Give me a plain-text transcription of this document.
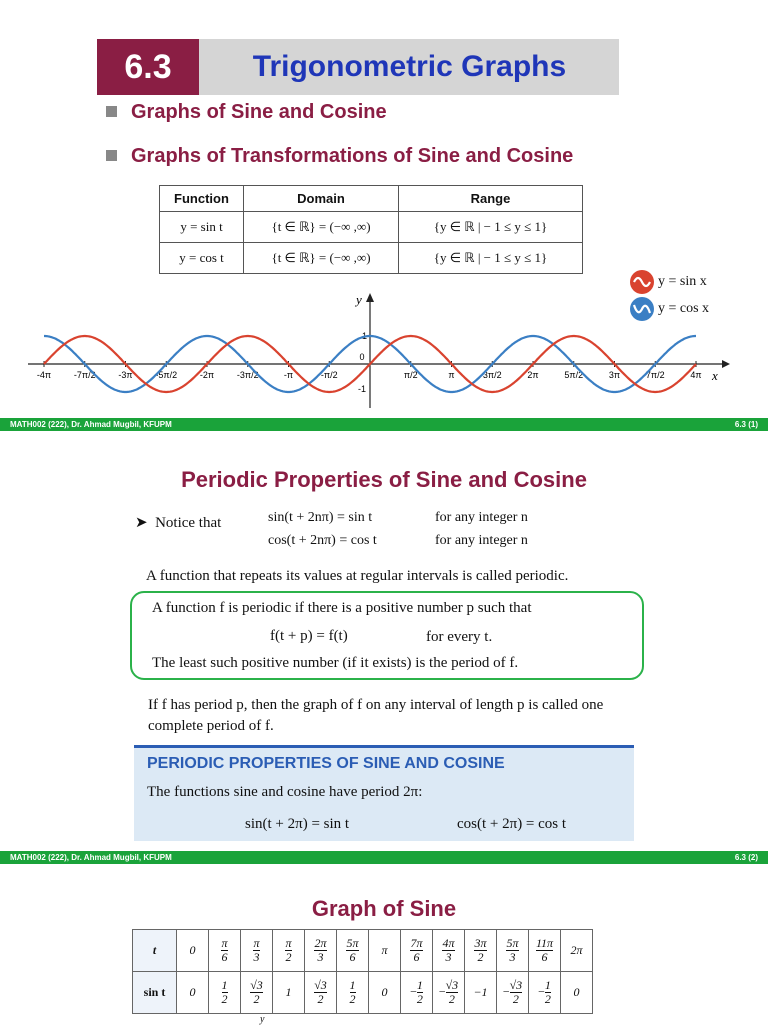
6.3	Trigonometric Graphs
Graphs of Sine and Cosine
Graphs of Transformations of Sine and Cosine
Function	Domain	Range
y = sin t	{t ∈ ℝ} = (−∞ ,∞)	{y ∈ ℝ | − 1 ≤ y ≤ 1}
y = cos t	{t ∈ ℝ} = (−∞ ,∞)	{y ∈ ℝ | − 1 ≤ y ≤ 1}
y = sin x
y = cos x
-4π	-7π/2	-3π	-5π/2	-2π	-3π/2	-π	-π/2
0
π/2	π	3π/2	2π	5π/2	3π	7π/2	4π
y
x
1
-1
MATH002 (222), Dr. Ahmad Mugbil, KFUPM	6.3 (1)
Periodic Properties of Sine and Cosine
➤  Notice that	sin(t + 2nπ) = sin t
cos(t + 2nπ) = cos t
for any integer n
for any integer n
A function that repeats its values at regular intervals is called periodic.
A function f is periodic if there is a positive number p such that
f(t + p) = f(t)	for every t.
The least such positive number (if it exists) is the period of f.
If f has period p, then the graph of f on any interval of length p is called one complete period of f.
PERIODIC PROPERTIES OF SINE AND COSINE
The functions sine and cosine have period 2π:
sin(t + 2π) = sin t	cos(t + 2π) = cos t
MATH002 (222), Dr. Ahmad Mugbil, KFUPM	6.3 (2)
Graph of Sine
t	0	$\frac{\pi}{6}$	$\frac{\pi}{3}$	$\frac{\pi}{2}$	$\frac{2\pi}{3}$	$\frac{5\pi}{6}$	π	$\frac{7\pi}{6}$	$\frac{4\pi}{3}$	$\frac{3\pi}{2}$	$\frac{5\pi}{3}$	$\frac{11\pi}{6}$	2π
sin t	0	$\frac{1}{2}$	$\frac{√3}{2}$	1	$\frac{√3}{2}$	$\frac{1}{2}$	0	− $\frac{1}{2}$	− $\frac{√3}{2}$	−1	− $\frac{√3}{2}$	− $\frac{1}{2}$	0
y
